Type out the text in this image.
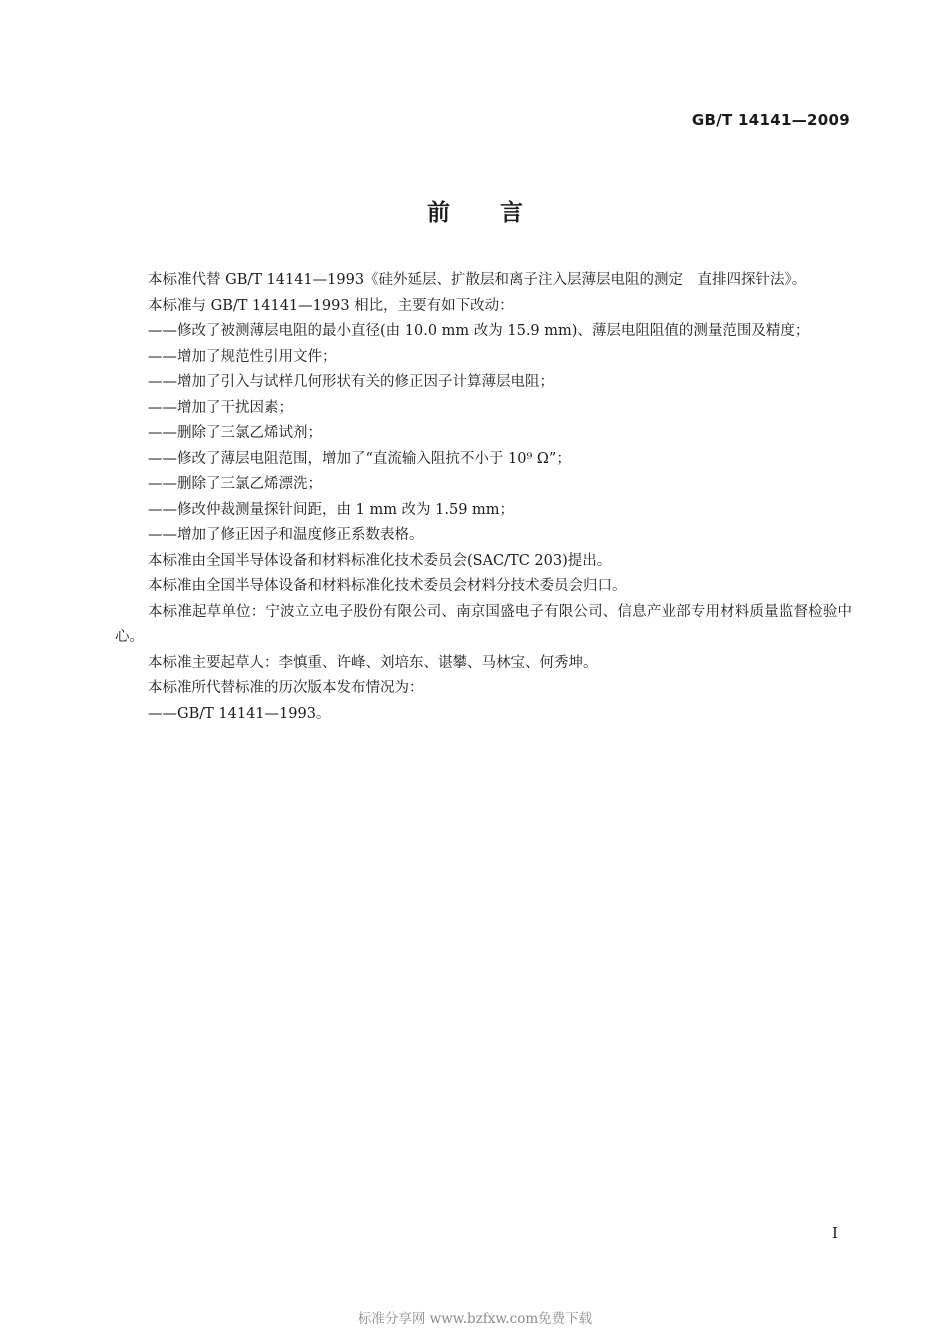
GB/T 14141—2009
前言

本标准代替 GB/T 14141—1993《硅外延层、扩散层和离子注入层薄层电阻的测定　直排四探针法》。

本标准与 GB/T 14141—1993 相比，主要有如下改动：

——修改了被测薄层电阻的最小直径(由 10.0 mm 改为 15.9 mm)、薄层电阻阻值的测量范围及精度；

——增加了规范性引用文件；

——增加了引入与试样几何形状有关的修正因子计算薄层电阻；

——增加了干扰因素；

——删除了三氯乙烯试剂；

——修改了薄层电阻范围，增加了“直流输入阻抗不小于 10⁹ Ω”；

——删除了三氯乙烯漂洗；

——修改仲裁测量探针间距，由 1 mm 改为 1.59 mm；

——增加了修正因子和温度修正系数表格。

本标准由全国半导体设备和材料标准化技术委员会(SAC/TC 203)提出。

本标准由全国半导体设备和材料标准化技术委员会材料分技术委员会归口。

本标准起草单位：宁波立立电子股份有限公司、南京国盛电子有限公司、信息产业部专用材料质量监督检验中心。

本标准主要起草人：李慎重、许峰、刘培东、谌攀、马林宝、何秀坤。

本标准所代替标准的历次版本发布情况为：

——GB/T 14141—1993。

I
标准分享网 www.bzfxw.com免费下载
